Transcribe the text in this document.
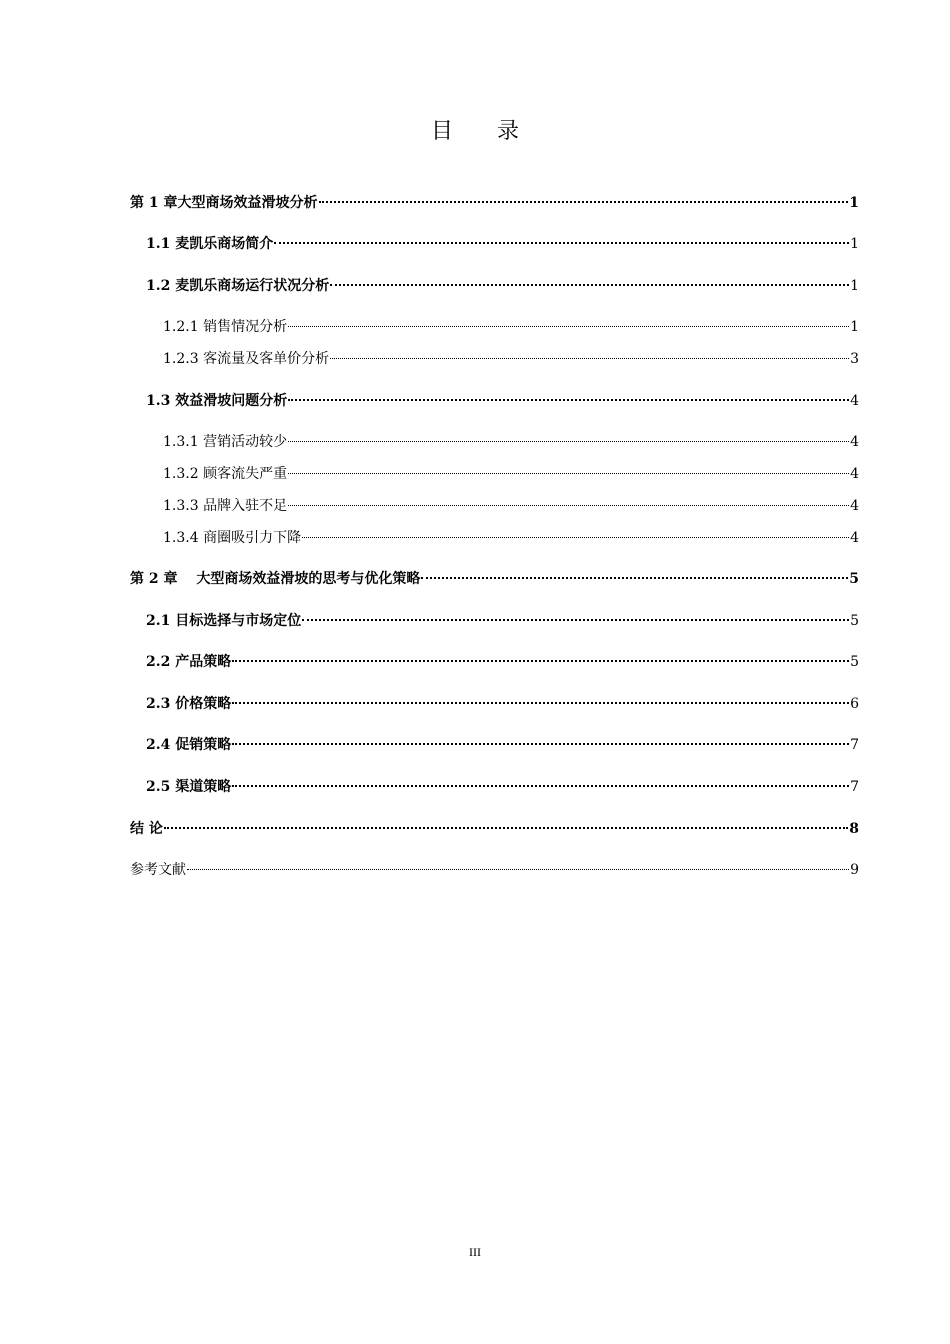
目 录
第 1 章大型商场效益滑坡分析	1
1.1 麦凯乐商场简介	1
1.2 麦凯乐商场运行状况分析	1
1.2.1 销售情况分析	1
1.2.3 客流量及客单价分析	3
1.3 效益滑坡问题分析	4
1.3.1 营销活动较少	4
1.3.2 顾客流失严重	4
1.3.3 品牌入驻不足	4
1.3.4 商圈吸引力下降	4
第 2 章　 大型商场效益滑坡的思考与优化策略	5
2.1 目标选择与市场定位	5
2.2 产品策略	5
2.3 价格策略	6
2.4 促销策略	7
2.5 渠道策略	7
结 论	8
参考文献	9
III
